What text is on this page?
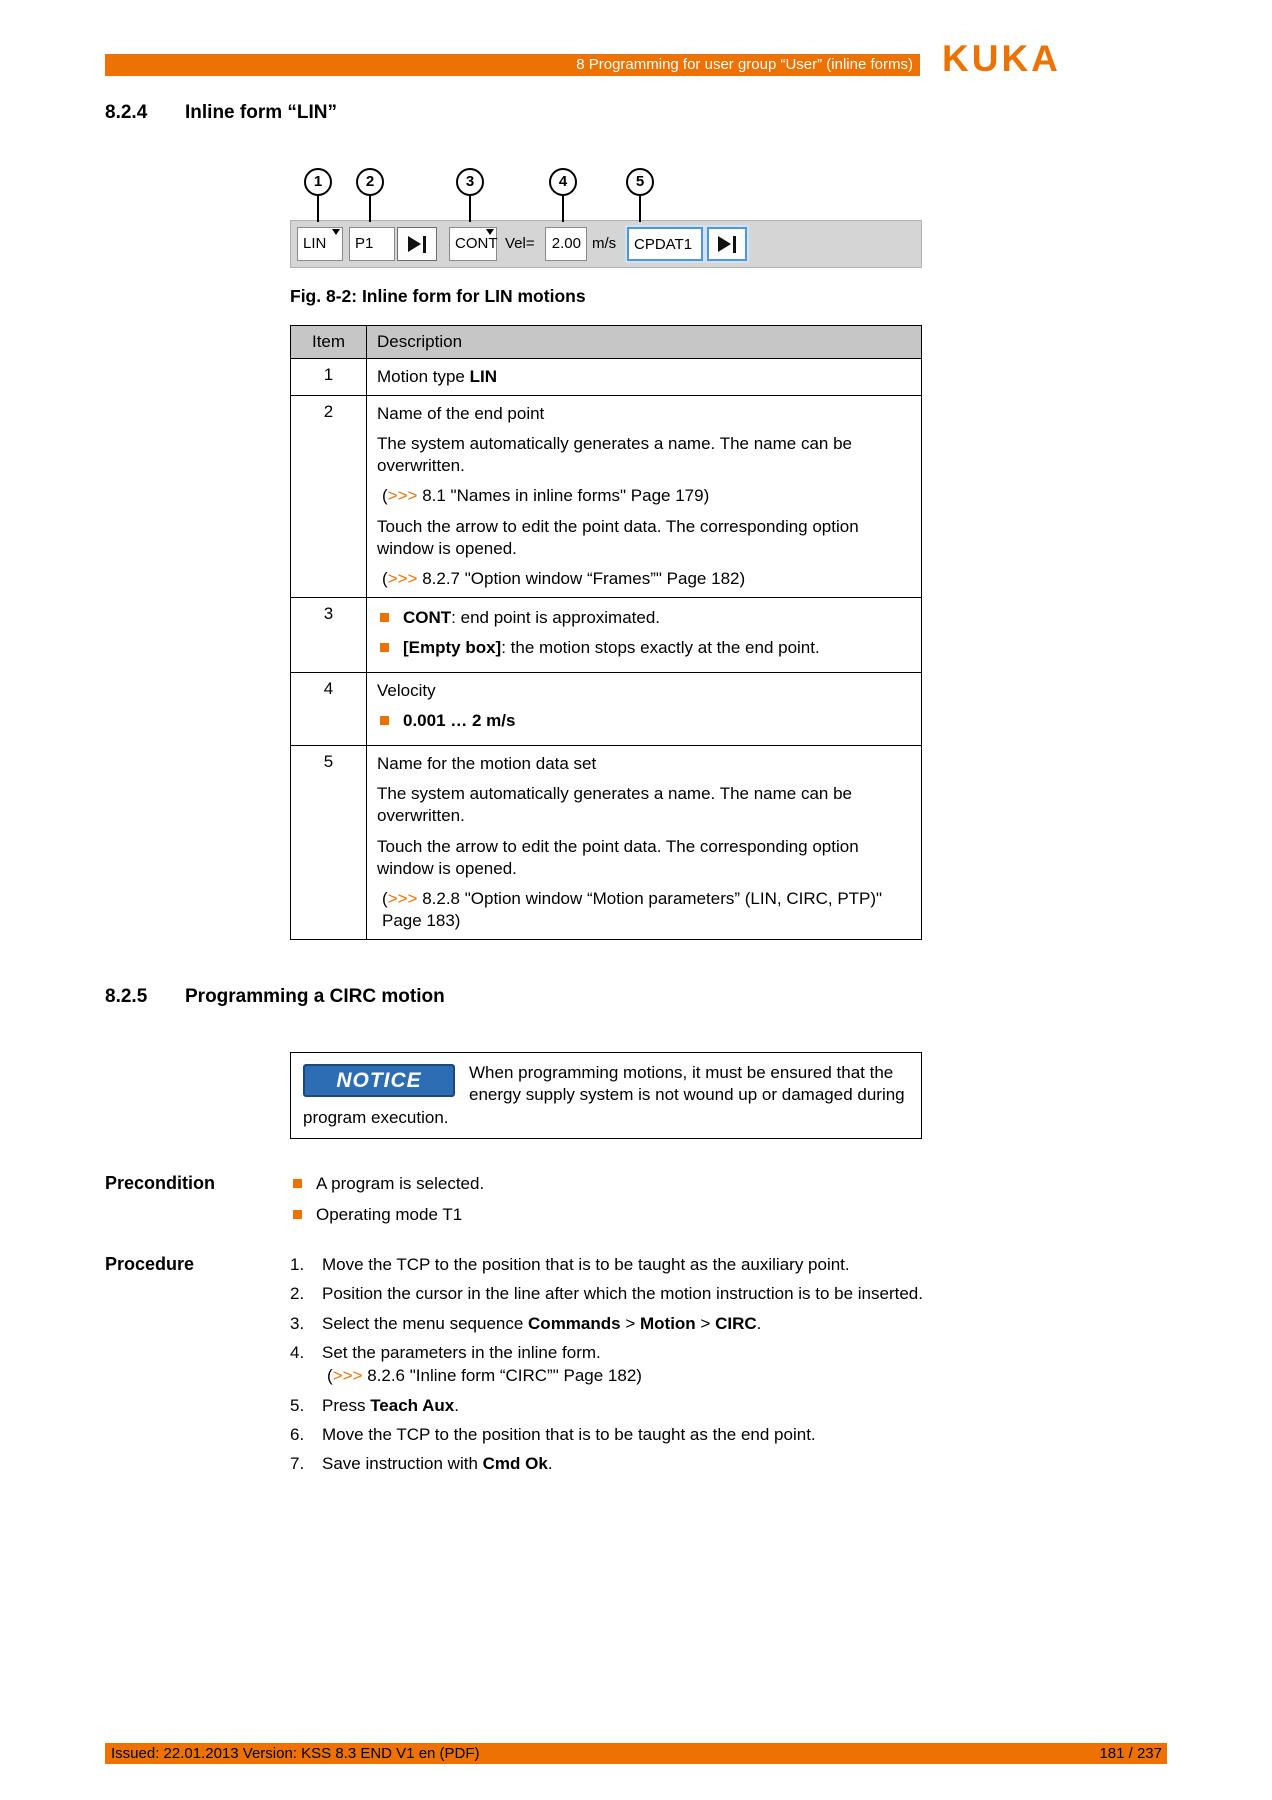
8 Programming for user group “User” (inline forms) KUKA
8.2.4	Inline form “LIN”
1	2	3	4	5
LIN	P1	CONT Vel=	2.00 m/s	CPDAT1
Fig. 8-2: Inline form for LIN motions
Item	Description
1	Motion type LIN

2	Name of the end point

The system automatically generates a name. The name can be overwritten.

(>>> 8.1 "Names in inline forms" Page 179)

Touch the arrow to edit the point data. The corresponding option window is opened.

(>>> 8.2.7 "Option window “Frames”" Page 182)

3	CONT: end point is approximated.
[Empty box]: the motion stops exactly at the end point.

4	Velocity

0.001 … 2 m/s

5	Name for the motion data set

The system automatically generates a name. The name can be overwritten.

Touch the arrow to edit the point data. The corresponding option window is opened.

(>>> 8.2.8 "Option window “Motion parameters” (LIN, CIRC, PTP)" Page 183)

8.2.5	Programming a CIRC motion
NOTICE	When programming motions, it must be ensured that the energy supply system is not wound up or damaged during program execution.
Precondition	A program is selected.
Operating mode T1
Procedure	1.	Move the TCP to the position that is to be taught as the auxiliary point.
2.	Position the cursor in the line after which the motion instruction is to be inserted.
3.	Select the menu sequence Commands > Motion > CIRC.
4.	Set the parameters in the inline form.
(>>> 8.2.6 "Inline form “CIRC”" Page 182)
5.	Press Teach Aux.
6.	Move the TCP to the position that is to be taught as the end point.
7.	Save instruction with Cmd Ok.
Issued: 22.01.2013 Version: KSS 8.3 END V1 en (PDF)	181 / 237
